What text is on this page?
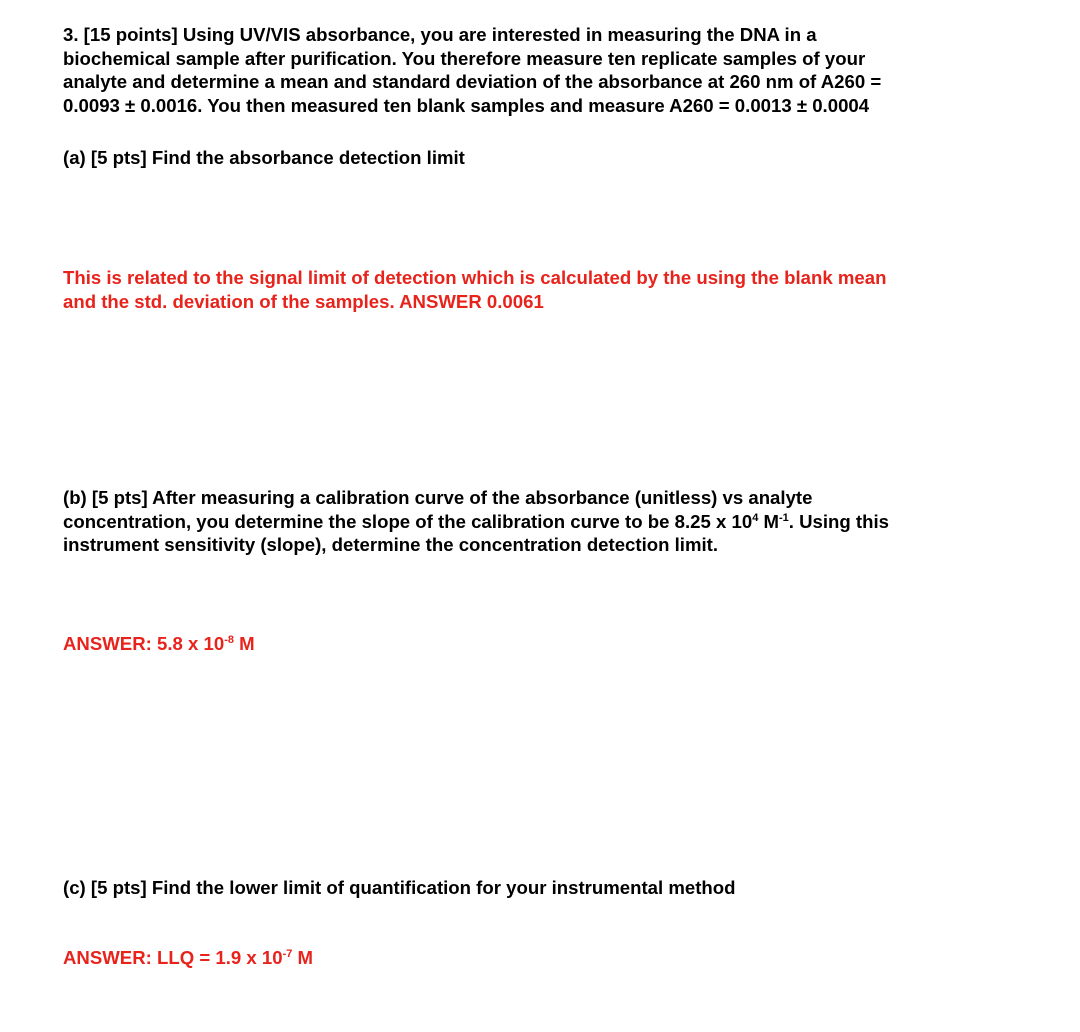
3. [15 points] Using UV/VIS absorbance, you are interested in measuring the DNA in a
biochemical sample after purification. You therefore measure ten replicate samples of your
analyte and determine a mean and standard deviation of the absorbance at 260 nm of A260 =
0.0093 ± 0.0016. You then measured ten blank samples and measure A260 = 0.0013 ± 0.0004
(a) [5 pts] Find the absorbance detection limit
This is related to the signal limit of detection which is calculated by the using the blank mean
and the std. deviation of the samples. ANSWER 0.0061
(b) [5 pts] After measuring a calibration curve of the absorbance (unitless) vs analyte
concentration, you determine the slope of the calibration curve to be 8.25 x $10^4$ $M^{-1}$. Using this
instrument sensitivity (slope), determine the concentration detection limit.
ANSWER: 5.8 x $10^{-8}$ M
(c) [5 pts] Find the lower limit of quantification for your instrumental method
ANSWER: LLQ = 1.9 x $10^{-7}$ M
